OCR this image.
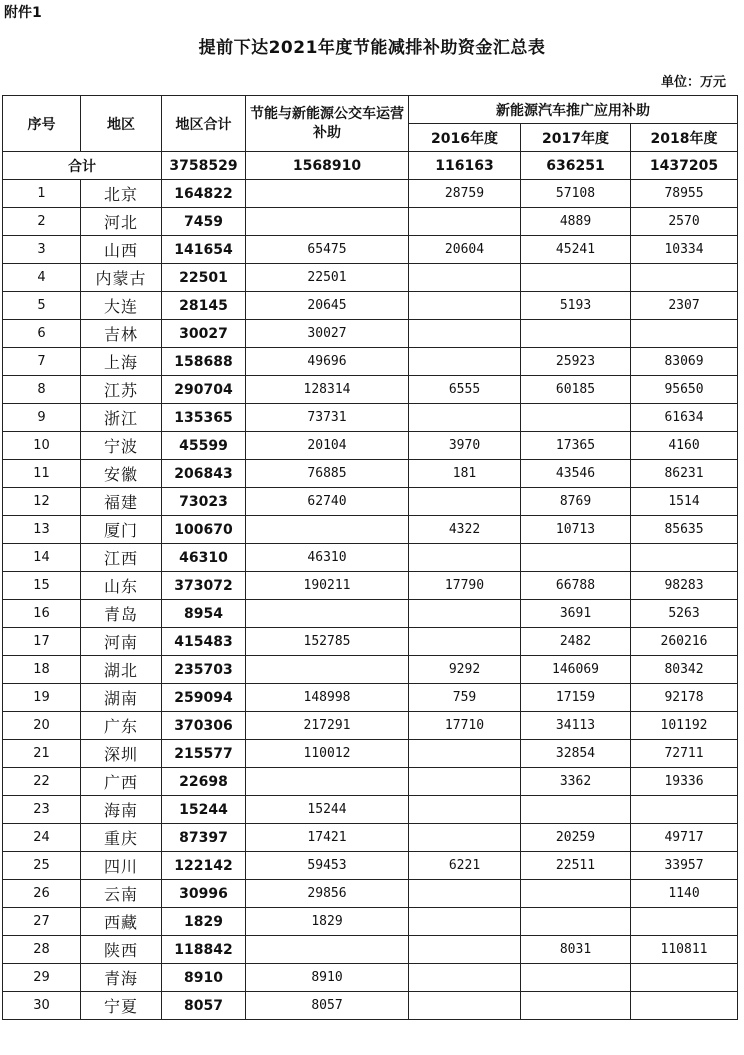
附件1
提前下达2021年度节能减排补助资金汇总表
单位：万元
序号	地区	地区合计	节能与新能源公交车运营补助	新能源汽车推广应用补助		
				2016年度	2017年度	2018年度
合计		3758529	1568910	116163	636251	1437205
1	北京	164822		28759	57108	78955
2	河北	7459			4889	2570
3	山西	141654	65475	20604	45241	10334
4	内蒙古	22501	22501			
5	大连	28145	20645		5193	2307
6	吉林	30027	30027			
7	上海	158688	49696		25923	83069
8	江苏	290704	128314	6555	60185	95650
9	浙江	135365	73731			61634
10	宁波	45599	20104	3970	17365	4160
11	安徽	206843	76885	181	43546	86231
12	福建	73023	62740		8769	1514
13	厦门	100670		4322	10713	85635
14	江西	46310	46310			
15	山东	373072	190211	17790	66788	98283
16	青岛	8954			3691	5263
17	河南	415483	152785		2482	260216
18	湖北	235703		9292	146069	80342
19	湖南	259094	148998	759	17159	92178
20	广东	370306	217291	17710	34113	101192
21	深圳	215577	110012		32854	72711
22	广西	22698			3362	19336
23	海南	15244	15244			
24	重庆	87397	17421		20259	49717
25	四川	122142	59453	6221	22511	33957
26	云南	30996	29856			1140
27	西藏	1829	1829			
28	陕西	118842			8031	110811
29	青海	8910	8910			
30	宁夏	8057	8057			
